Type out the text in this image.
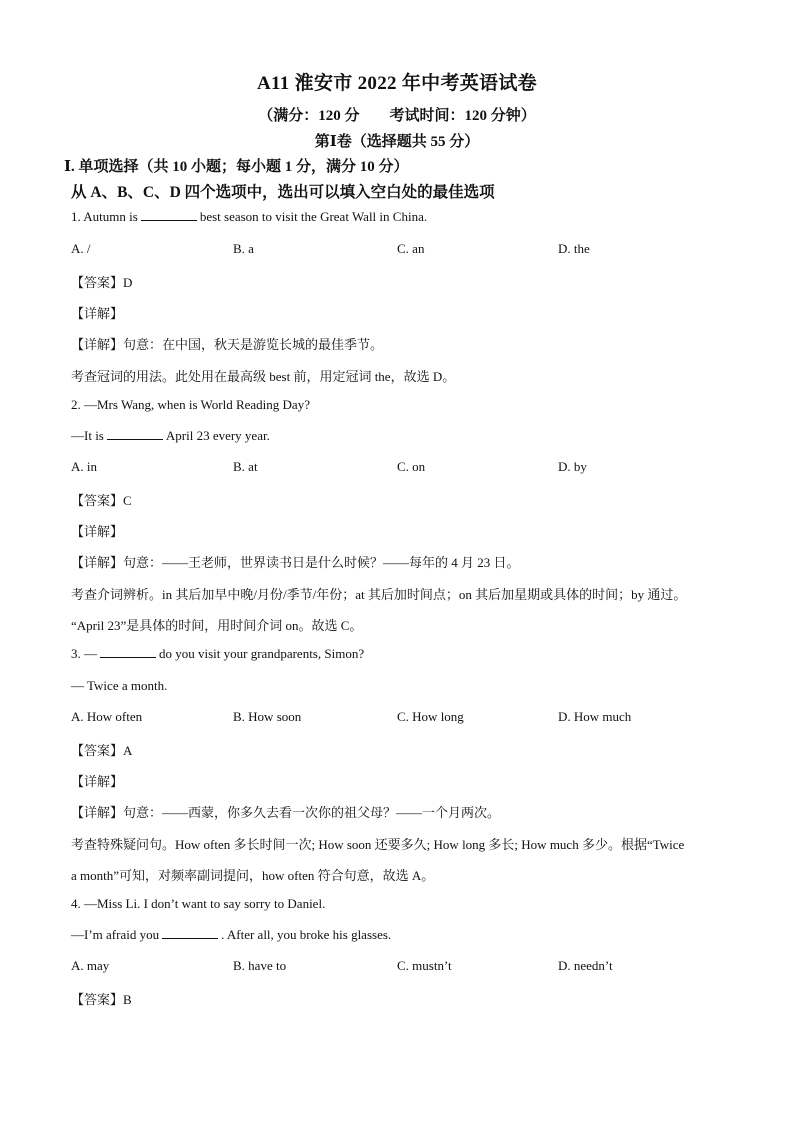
A11 淮安市 2022 年中考英语试卷
（满分：120 分 考试时间：120 分钟）
第Ⅰ卷（选择题共 55 分）
Ⅰ. 单项选择（共 10 小题；每小题 1 分，满分 10 分）
从 A、B、C、D 四个选项中，选出可以填入空白处的最佳选项
1. Autumn is	best season to visit the Great Wall in China.
A. /	B. a	C. an	D. the
【答案】D
【详解】
【详解】句意：在中国，秋天是游览长城的最佳季节。
考查冠词的用法。此处用在最高级 best 前，用定冠词 the，故选 D。
2. —Mrs Wang, when is World Reading Day?
—It is	April 23 every year.
A. in	B. at	C. on	D. by
【答案】C
【详解】
【详解】句意：——王老师，世界读书日是什么时候？——每年的 4 月 23 日。
考查介词辨析。in 其后加早中晚/月份/季节/年份；at 其后加时间点；on 其后加星期或具体的时间；by 通过。
“April 23”是具体的时间，用时间介词 on。故选 C。
3. —	do you visit your grandparents, Simon?
— Twice a month.
A. How often	B. How soon	C. How long	D. How much
【答案】A
【详解】
【详解】句意：——西蒙，你多久去看一次你的祖父母？——一个月两次。
考查特殊疑问句。How often 多长时间一次; How soon 还要多久; How long 多长; How much 多少。根据“Twice
a month”可知，对频率副词提问，how often 符合句意，故选 A。
4. —Miss Li. I don’t want to say sorry to Daniel.
—I’m afraid you	. After all, you broke his glasses.
A. may	B. have to	C. mustn’t	D. needn’t
【答案】B
